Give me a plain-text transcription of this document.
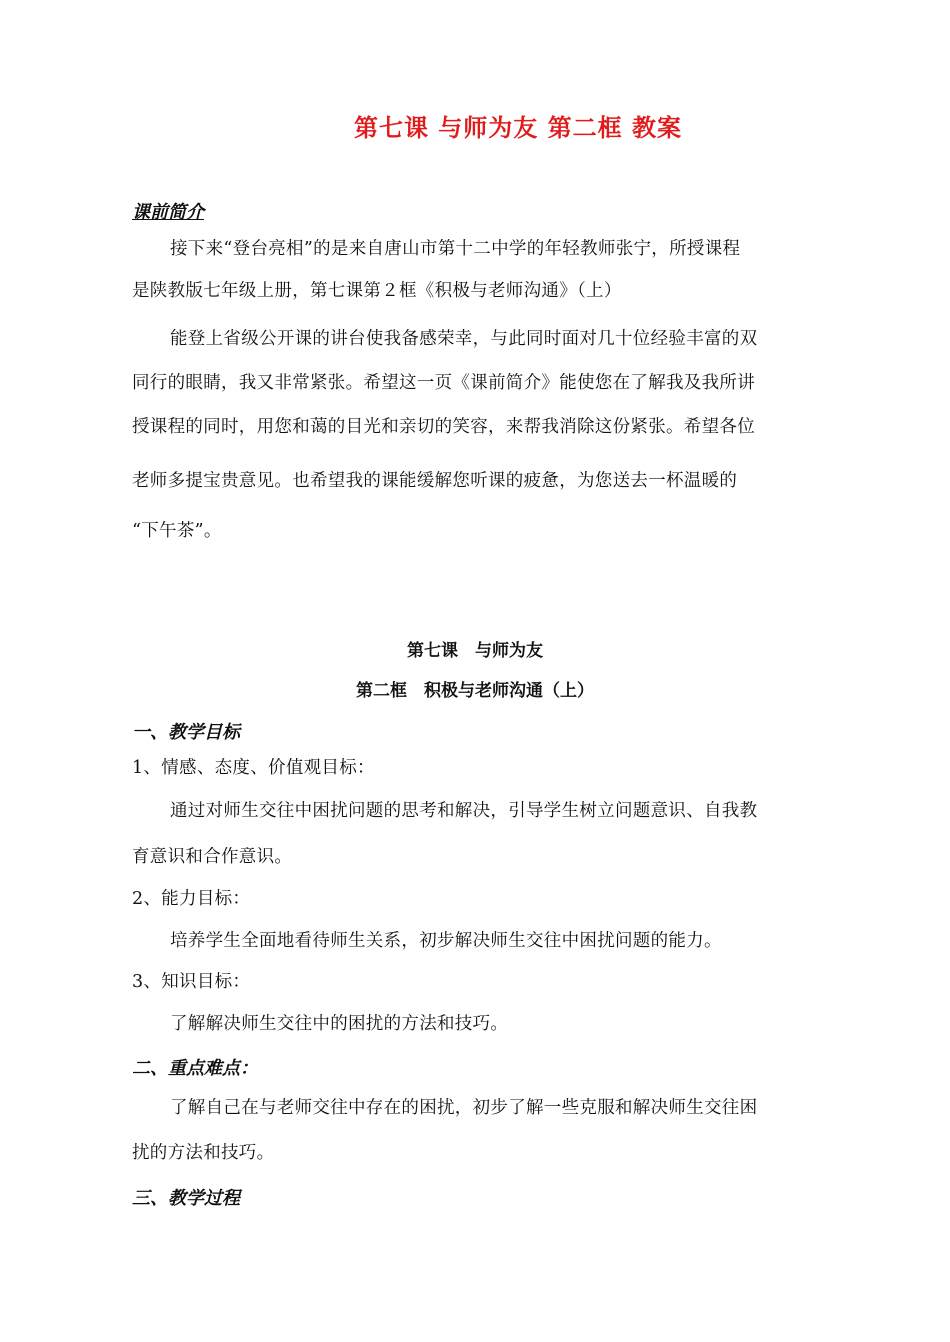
第七课 与师为友 第二框 教案
课前简介
接下来“登台亮相”的是来自唐山市第十二中学的年轻教师张宁，所授课程
是陕教版七年级上册，第七课第２框《积极与老师沟通》（上）
能登上省级公开课的讲台使我备感荣幸，与此同时面对几十位经验丰富的双
同行的眼睛，我又非常紧张。希望这一页《课前简介》能使您在了解我及我所讲
授课程的同时，用您和蔼的目光和亲切的笑容，来帮我消除这份紧张。希望各位
老师多提宝贵意见。也希望我的课能缓解您听课的疲惫，为您送去一杯温暖的
“下午茶”。
第七课　与师为友
第二框　积极与老师沟通（上）
一、教学目标
1、情感、态度、价值观目标：
通过对师生交往中困扰问题的思考和解决，引导学生树立问题意识、自我教
育意识和合作意识。
2、能力目标：
培养学生全面地看待师生关系，初步解决师生交往中困扰问题的能力。
3、知识目标：
了解解决师生交往中的困扰的方法和技巧。
二、重点难点：
了解自己在与老师交往中存在的困扰，初步了解一些克服和解决师生交往困
扰的方法和技巧。
三、教学过程
